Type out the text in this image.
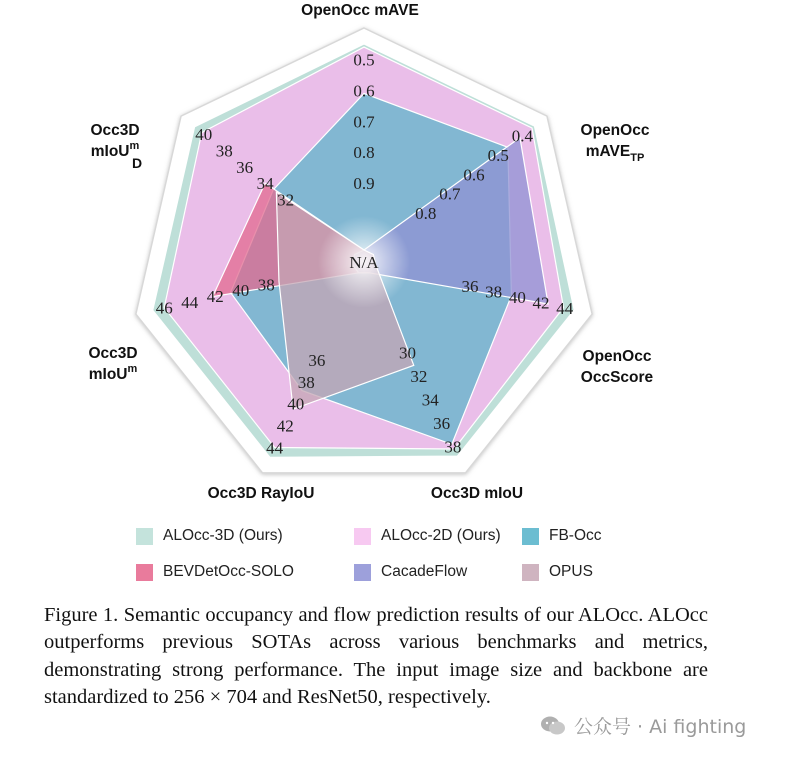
0.5
0.6
0.7
0.8
0.9
0.4
0.5
0.6
0.7
0.8
36 38 40 42 44
30
32
34
36
38
36
38
40
42
44
38
40
42
44
46
32
34
36
38
40
N/A
OpenOcc mAVE
OpenOcc
mAVE$_{TP}$
OpenOcc
OccScore
Occ3D mIoU
Occ3D RayIoU
Occ3D
mIoU$^m$
Occ3D
mIoU$^m$
D
ALOcc-3D (Ours)	ALOcc-2D (Ours)	FB-Occ
BEVDetOcc-SOLO	CacadeFlow	OPUS

Figure 1. Semantic occupancy and flow prediction results of our ALOcc. ALOcc outperforms previous SOTAs across various benchmarks and metrics, demonstrating strong performance. The input image size and backbone are standardized to 256 × 704 and ResNet50, respectively.

公众号 · Ai fighting
